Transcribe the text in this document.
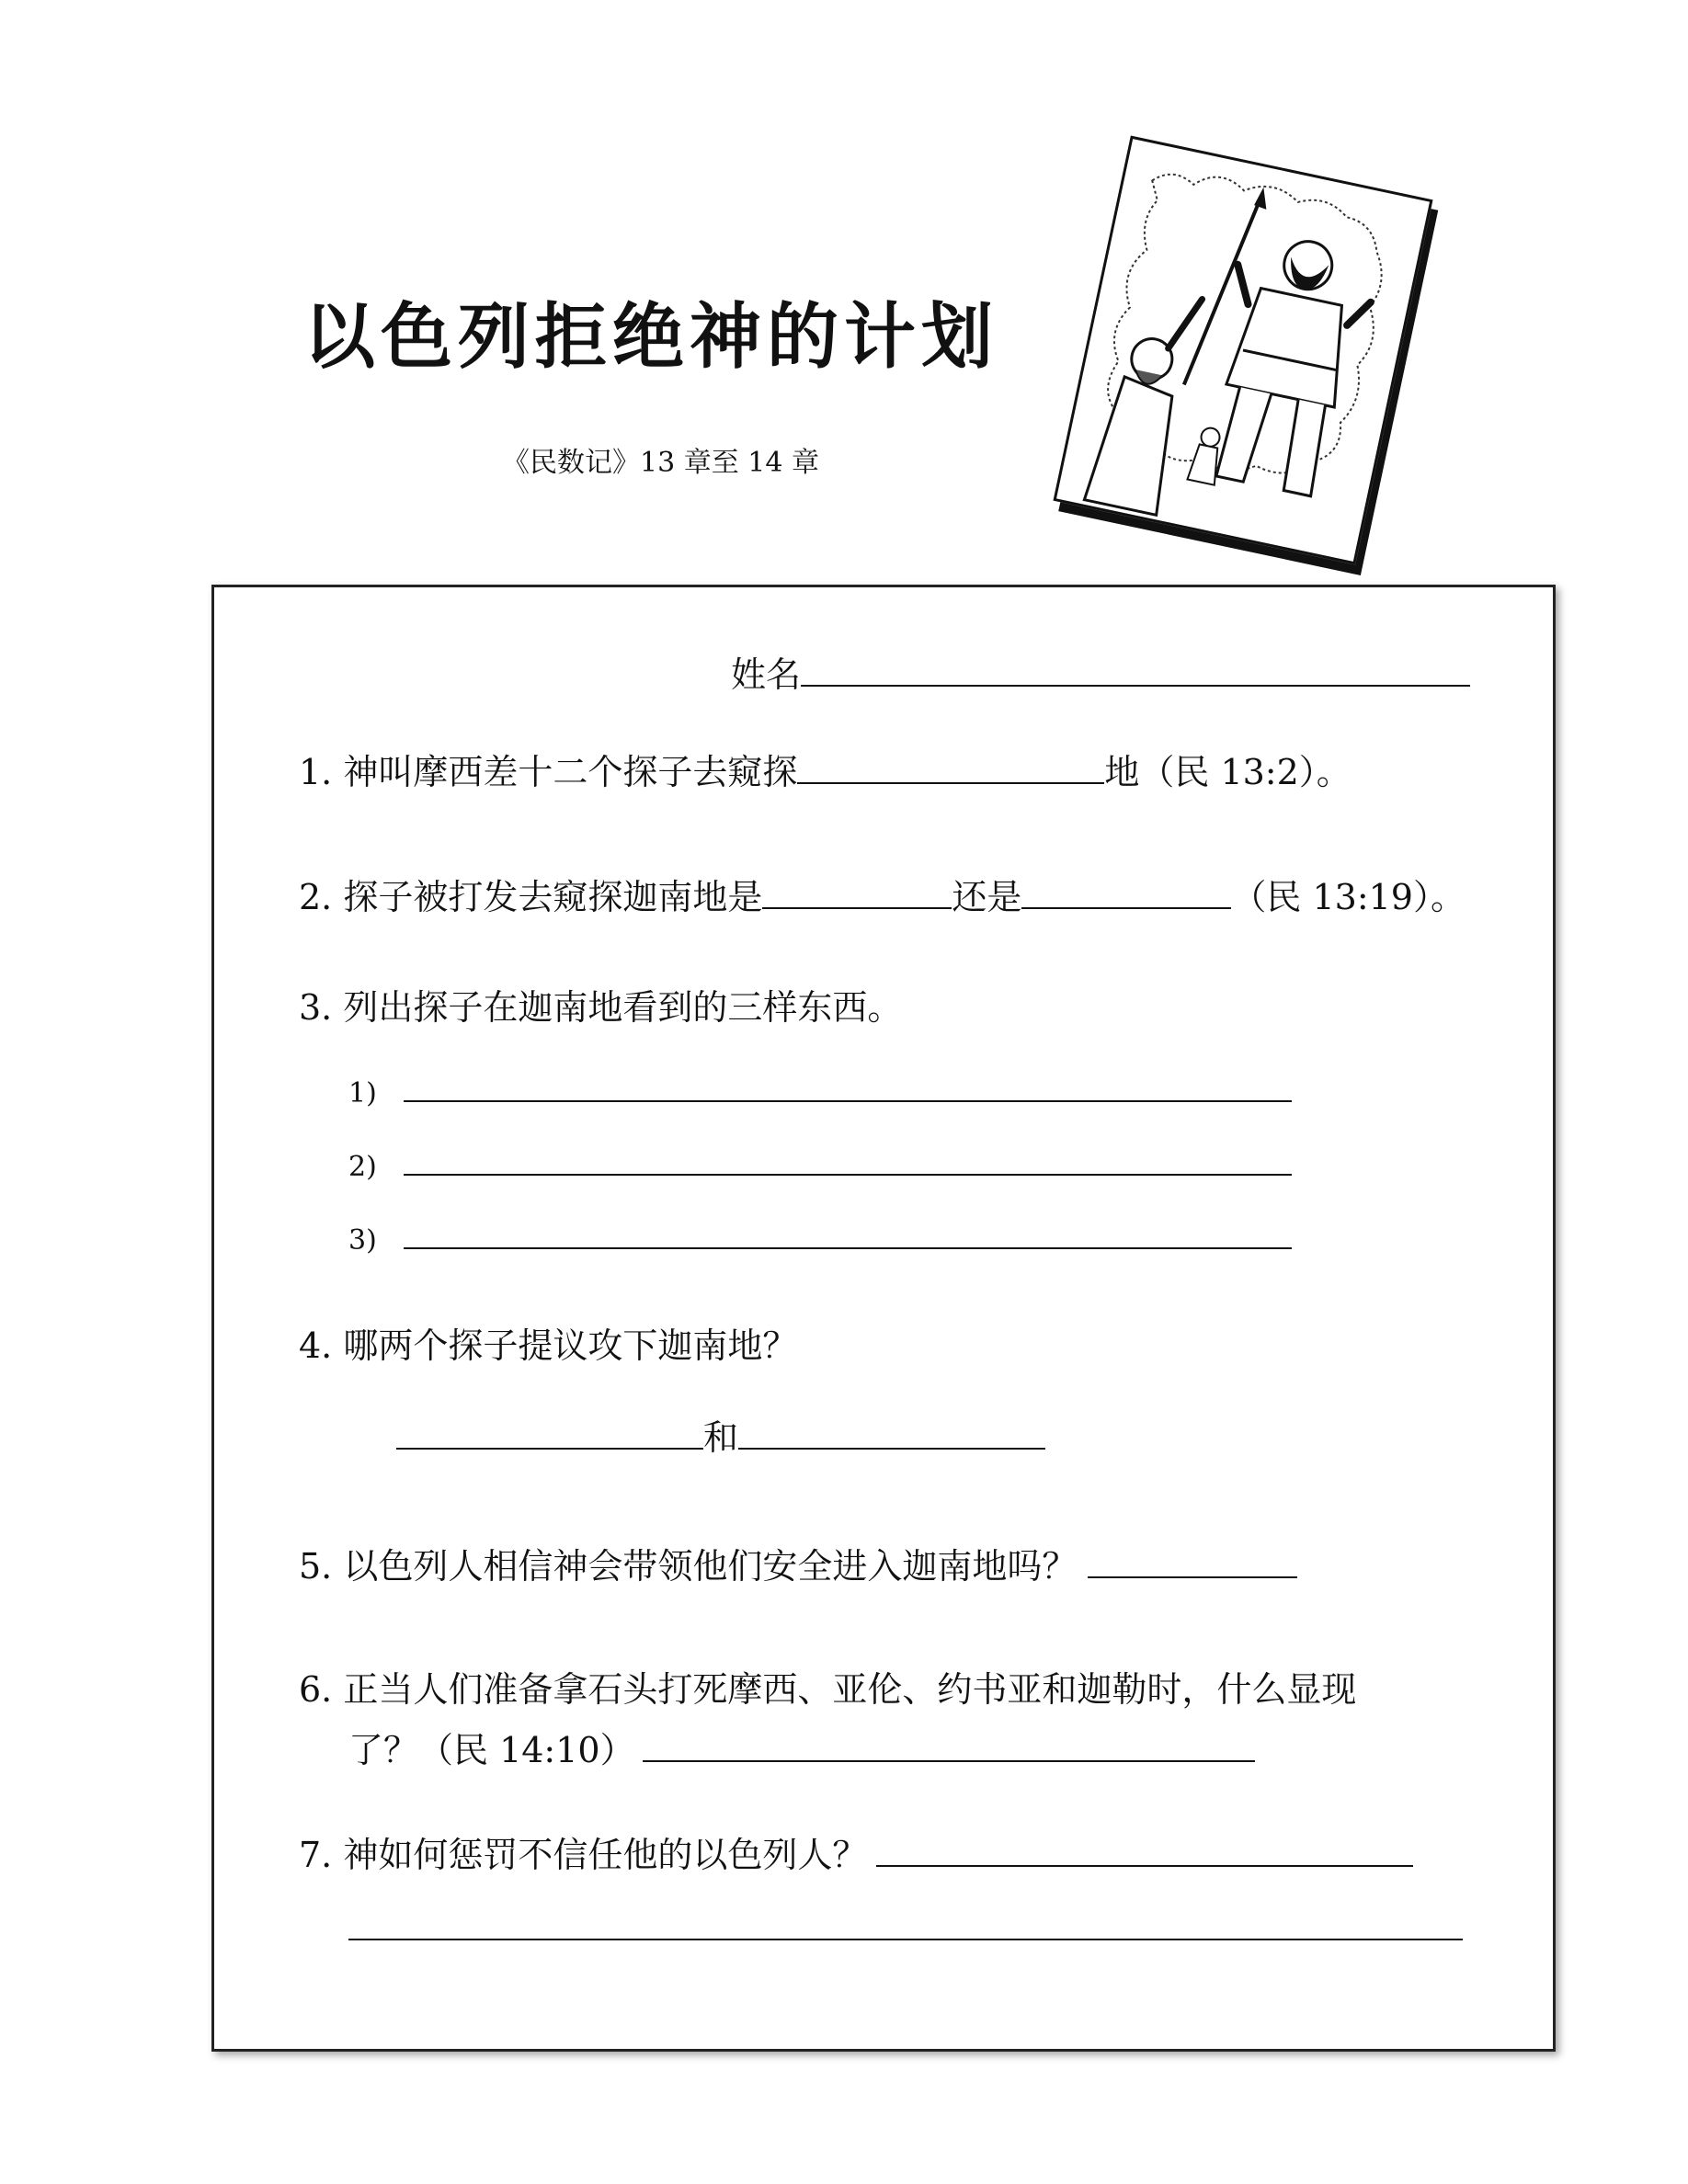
以色列拒绝神的计划
《民数记》13 章至 14 章
姓名
1. 神叫摩西差十二个探子去窥探	地（民 13:2）。
2. 探子被打发去窥探迦南地是	还是	（民 13:19）。
3. 列出探子在迦南地看到的三样东西。
1)
2)
3)
4. 哪两个探子提议攻下迦南地？
和
5. 以色列人相信神会带领他们安全进入迦南地吗？
6. 正当人们准备拿石头打死摩西、亚伦、约书亚和迦勒时，什么显现
了？（民 14:10）
7. 神如何惩罚不信任他的以色列人？
